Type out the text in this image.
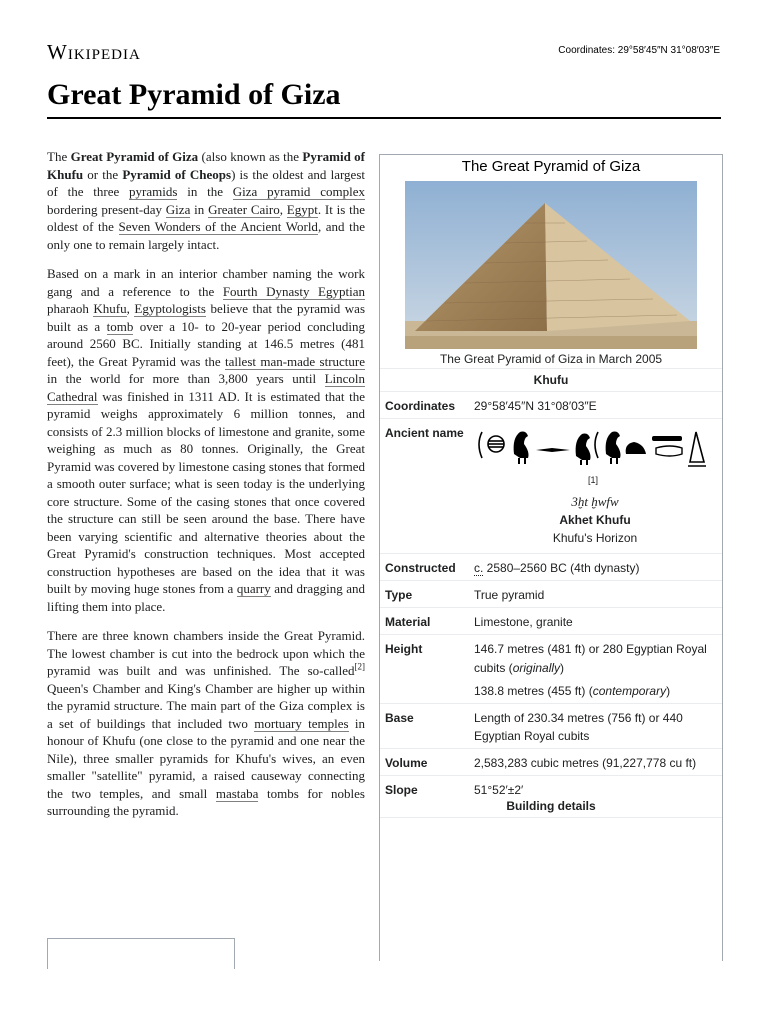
Wikipedia	Coordinates: 29°58′45″N 31°08′03″E
Great Pyramid of Giza

The Great Pyramid of Giza (also known as the Pyramid of Khufu or the Pyramid of Cheops) is the oldest and largest of the three pyramids in the Giza pyramid complex bordering present-day Giza in Greater Cairo, Egypt. It is the oldest of the Seven Wonders of the Ancient World, and the only one to remain largely intact.

Based on a mark in an interior chamber naming the work gang and a reference to the Fourth Dynasty Egyptian pharaoh Khufu, Egyptologists believe that the pyramid was built as a tomb over a 10- to 20-year period concluding around 2560 BC. Initially standing at 146.5 metres (481 feet), the Great Pyramid was the tallest man-made structure in the world for more than 3,800 years until Lincoln Cathedral was finished in 1311 AD. It is estimated that the pyramid weighs approximately 6 million tonnes, and consists of 2.3 million blocks of limestone and granite, some weighing as much as 80 tonnes. Originally, the Great Pyramid was covered by limestone casing stones that formed a smooth outer surface; what is seen today is the underlying core structure. Some of the casing stones that once covered the structure can still be seen around the base. There have been varying scientific and alternative theories about the Great Pyramid's construction techniques. Most accepted construction hypotheses are based on the idea that it was built by moving huge stones from a quarry and dragging and lifting them into place.

There are three known chambers inside the Great Pyramid. The lowest chamber is cut into the bedrock upon which the pyramid was built and was unfinished. The so-called[2] Queen's Chamber and King's Chamber are higher up within the pyramid structure. The main part of the Giza complex is a set of buildings that included two mortuary temples in honour of Khufu (one close to the pyramid and one near the Nile), three smaller pyramids for Khufu's wives, an even smaller "satellite" pyramid, a raised causeway connecting the two temples, and small mastaba tombs for nobles surrounding the pyramid.

The Great Pyramid of Giza
The Great Pyramid of Giza in March 2005
Khufu
Coordinates	29°58′45″N 31°08′03″E
Ancient name
[1]
3ḫt ḫwfw
Akhet Khufu
Khufu's Horizon
Constructed	c. 2580–2560 BC (4th dynasty)
Type	True pyramid
Material	Limestone, granite
Height	146.7 metres (481 ft) or 280 Egyptian Royal cubits (originally)
138.8 metres (455 ft) (contemporary)
Base	Length of 230.34 metres (756 ft) or 440 Egyptian Royal cubits
Volume	2,583,283 cubic metres (91,227,778 cu ft)
Slope	51°52′±2′
Building details
